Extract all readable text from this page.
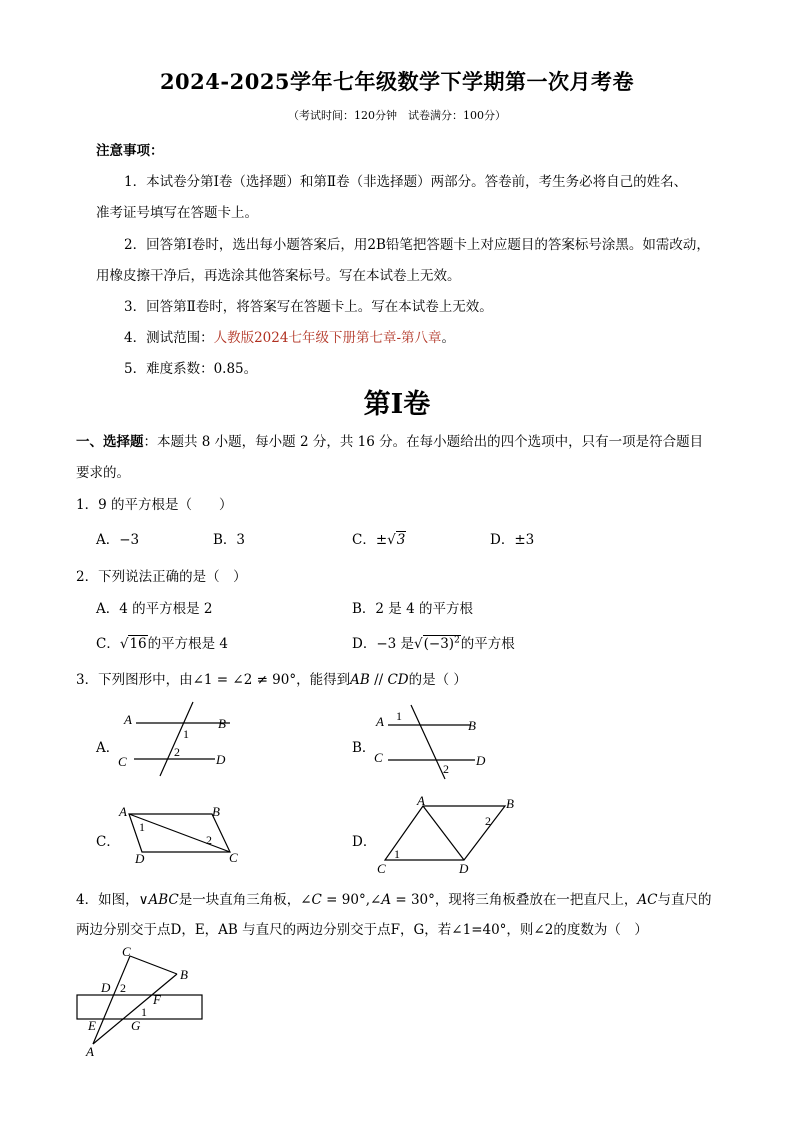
2024-2025学年七年级数学下学期第一次月考卷
（考试时间：120分钟　试卷满分：100分）
注意事项：
1．本试卷分第Ⅰ卷（选择题）和第Ⅱ卷（非选择题）两部分。答卷前，考生务必将自己的姓名、
准考证号填写在答题卡上。
2．回答第Ⅰ卷时，选出每小题答案后，用2B铅笔把答题卡上对应题目的答案标号涂黑。如需改动，
用橡皮擦干净后，再选涂其他答案标号。写在本试卷上无效。
3．回答第Ⅱ卷时，将答案写在答题卡上。写在本试卷上无效。
4．测试范围：人教版2024七年级下册第七章-第八章。
5．难度系数：0.85。
第Ⅰ卷
一、选择题：本题共 8 小题，每小题 2 分，共 16 分。在每小题给出的四个选项中，只有一项是符合题目
要求的。
1．9 的平方根是（　　）
A．−3	B．3	C．±√3	D．±3
2．下列说法正确的是（　）
A．4 的平方根是 2	B．2 是 4 的平方根
C．√16的平方根是 4	D．−3 是$√(-3)^2$的平方根
3．下列图形中，由∠1 = ∠2 ≠ 90°，能得到AB // CD的是（ ）
A．
A	B
C	D
1
2	B．
A	B
C	D
1
2
C．
A	B
C
D
1
2	D．
A	B
C	D
1
2
4．如图，∨ABC是一块直角三角板，∠C = 90°,∠A = 30°，现将三角板叠放在一把直尺上，AC与直尺的
两边分别交于点D，E，AB 与直尺的两边分别交于点F，G，若∠1=40°，则∠2的度数为（　）
C
B
D 2
F
1
E	G
A
